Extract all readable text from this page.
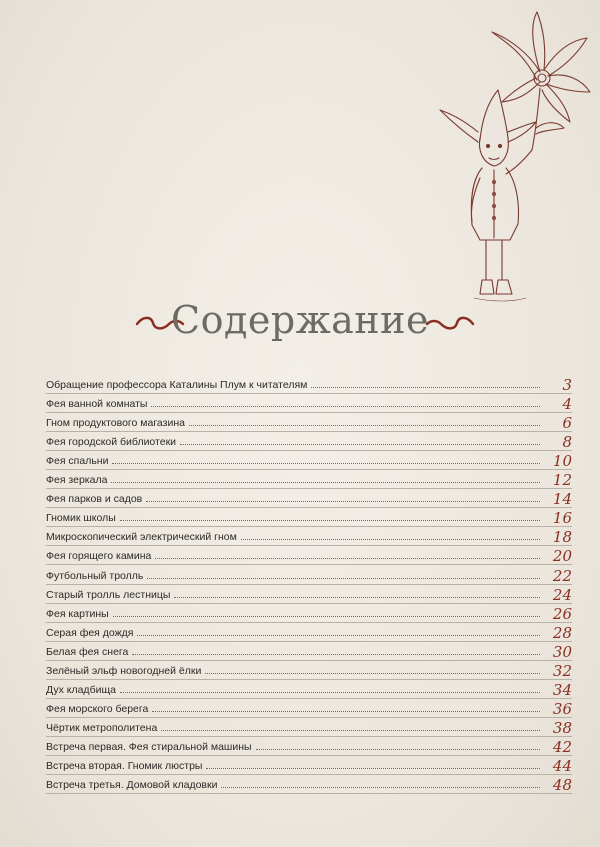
Содержание
Обращение профессора Каталины Плум к читателям	3
Фея ванной комнаты	4
Гном продуктового магазина	6
Фея городской библиотеки	8
Фея спальни	10
Фея зеркала	12
Фея парков и садов	14
Гномик школы	16
Микроскопический электрический гном	18
Фея горящего камина	20
Футбольный тролль	22
Старый тролль лестницы	24
Фея картины	26
Серая фея дождя	28
Белая фея снега	30
Зелёный эльф новогодней ёлки	32
Дух кладбища	34
Фея морского берега	36
Чёртик метрополитена	38
Встреча первая. Фея стиральной машины	42
Встреча вторая. Гномик люстры	44
Встреча третья. Домовой кладовки	48
